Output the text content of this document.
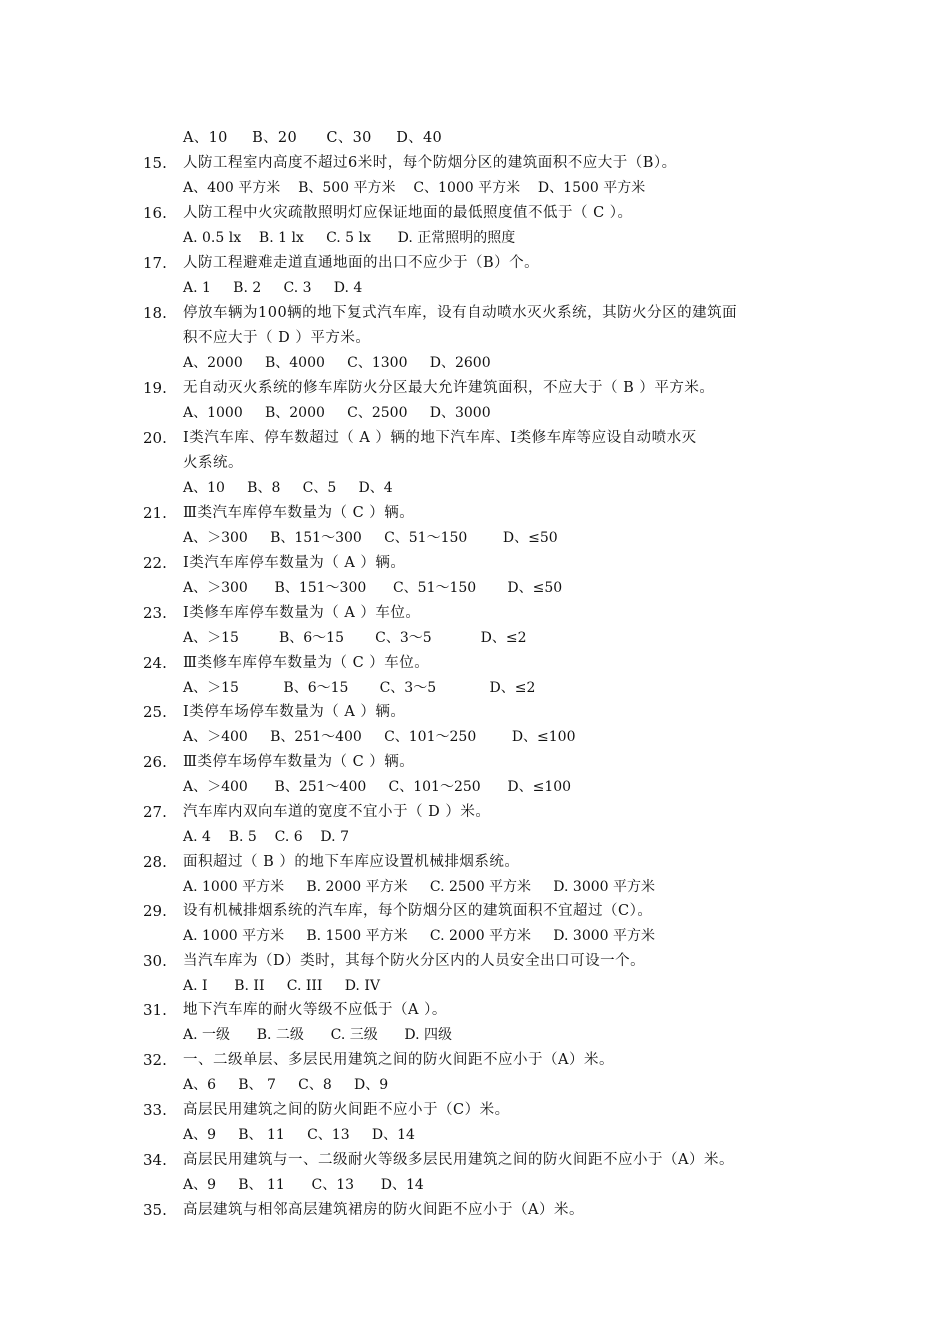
A、10     B、20      C、30     D、40
15.	人防工程室内高度不超过6米时，每个防烟分区的建筑面积不应大于（B）。
A、400 平方米    B、500 平方米    C、1000 平方米    D、1500 平方米
16.	人防工程中火灾疏散照明灯应保证地面的最低照度值不低于（ C ）。
A. 0.5 lx    B. 1 lx     C. 5 lx      D. 正常照明的照度
17.	人防工程避难走道直通地面的出口不应少于（B）个。
A. 1     B. 2     C. 3     D. 4
18.	停放车辆为100辆的地下复式汽车库，设有自动喷水灭火系统，其防火分区的建筑面
积不应大于（ D ）平方米。
A、2000     B、4000     C、1300     D、2600
19.	无自动灭火系统的修车库防火分区最大允许建筑面积，不应大于（ B ）平方米。
A、1000     B、2000     C、2500     D、3000
20.	Ⅰ类汽车库、停车数超过（ A ）辆的地下汽车库、Ⅰ类修车库等应设自动喷水灭
火系统。
A、10     B、8     C、5     D、4
21.	Ⅲ类汽车库停车数量为（ C ）辆。
A、＞300     B、151～300     C、51～150        D、≤50
22.	Ⅰ类汽车库停车数量为（ A ）辆。
A、＞300      B、151～300      C、51～150       D、≤50
23.	Ⅰ类修车库停车数量为（ A ）车位。
A、＞15         B、6～15       C、3～5           D、≤2
24.	Ⅲ类修车库停车数量为（ C ）车位。
A、＞15          B、6～15       C、3～5            D、≤2
25.	Ⅰ类停车场停车数量为（ A ）辆。
A、＞400     B、251～400     C、101～250        D、≤100
26.	Ⅲ类停车场停车数量为（ C ）辆。
A、＞400      B、251～400     C、101～250      D、≤100
27.	汽车库内双向车道的宽度不宜小于（ D ）米。
A. 4    B. 5    C. 6    D. 7
28.	面积超过（ B ）的地下车库应设置机械排烟系统。
A. 1000 平方米     B. 2000 平方米     C. 2500 平方米     D. 3000 平方米
29.	设有机械排烟系统的汽车库，每个防烟分区的建筑面积不宜超过（C）。
A. 1000 平方米     B. 1500 平方米     C. 2000 平方米     D. 3000 平方米
30.	当汽车库为（D）类时，其每个防火分区内的人员安全出口可设一个。
A. I      B. II     C. III     D. IV
31.	地下汽车库的耐火等级不应低于（A ）。
A. 一级      B. 二级      C. 三级      D. 四级
32.	一、二级单层、多层民用建筑之间的防火间距不应小于（A）米。
A、6     B、 7     C、8     D、9
33.	高层民用建筑之间的防火间距不应小于（C）米。
A、9     B、 11     C、13     D、14
34.	高层民用建筑与一、二级耐火等级多层民用建筑之间的防火间距不应小于（A）米。
A、9     B、 11      C、13      D、14
35.	高层建筑与相邻高层建筑裙房的防火间距不应小于（A）米。
